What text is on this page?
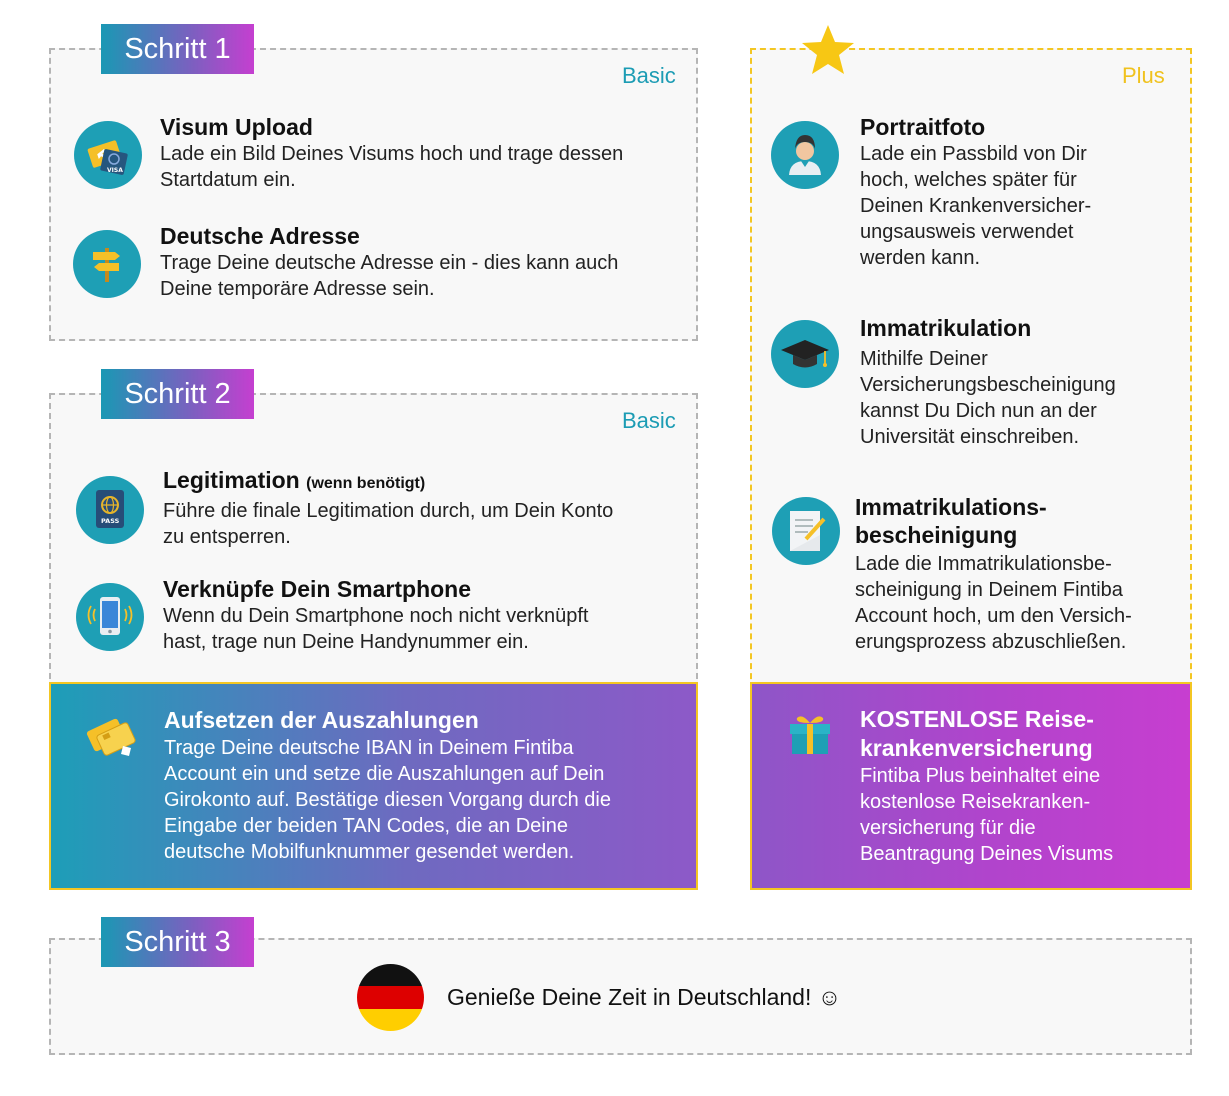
Schritt 1
Basic
VISA
Visum Upload
Lade ein Bild Deines Visums hoch und trage dessen
Startdatum ein.
Deutsche Adresse
Trage Deine deutsche Adresse ein - dies kann auch
Deine temporäre Adresse sein.
Schritt 2
Basic
PASS
Legitimation (wenn benötigt)
Führe die finale Legitimation durch, um Dein Konto
zu entsperren.
Verknüpfe Dein Smartphone
Wenn du Dein Smartphone noch nicht verknüpft
hast, trage nun Deine Handynummer ein.
Aufsetzen der Auszahlungen
Trage Deine deutsche IBAN in Deinem Fintiba
Account ein und setze die Auszahlungen auf Dein
Girokonto auf. Bestätige diesen Vorgang durch die
Eingabe der beiden TAN Codes, die an Deine
deutsche Mobilfunknummer gesendet werden.
Plus
Portraitfoto
Lade ein Passbild von Dir
hoch, welches später für
Deinen Krankenversicher-
ungsausweis verwendet
werden kann.
Immatrikulation
Mithilfe Deiner
Versicherungsbescheinigung
kannst Du Dich nun an der
Universität einschreiben.
Immatrikulations-
bescheinigung
Lade die Immatrikulationsbe-
scheinigung in Deinem Fintiba
Account hoch, um den Versich-
erungsprozess abzuschließen.
KOSTENLOSE Reise-
krankenversicherung
Fintiba Plus beinhaltet eine
kostenlose Reisekranken-
versicherung für die
Beantragung Deines Visums
Schritt 3
Genieße Deine Zeit in Deutschland! ☺
